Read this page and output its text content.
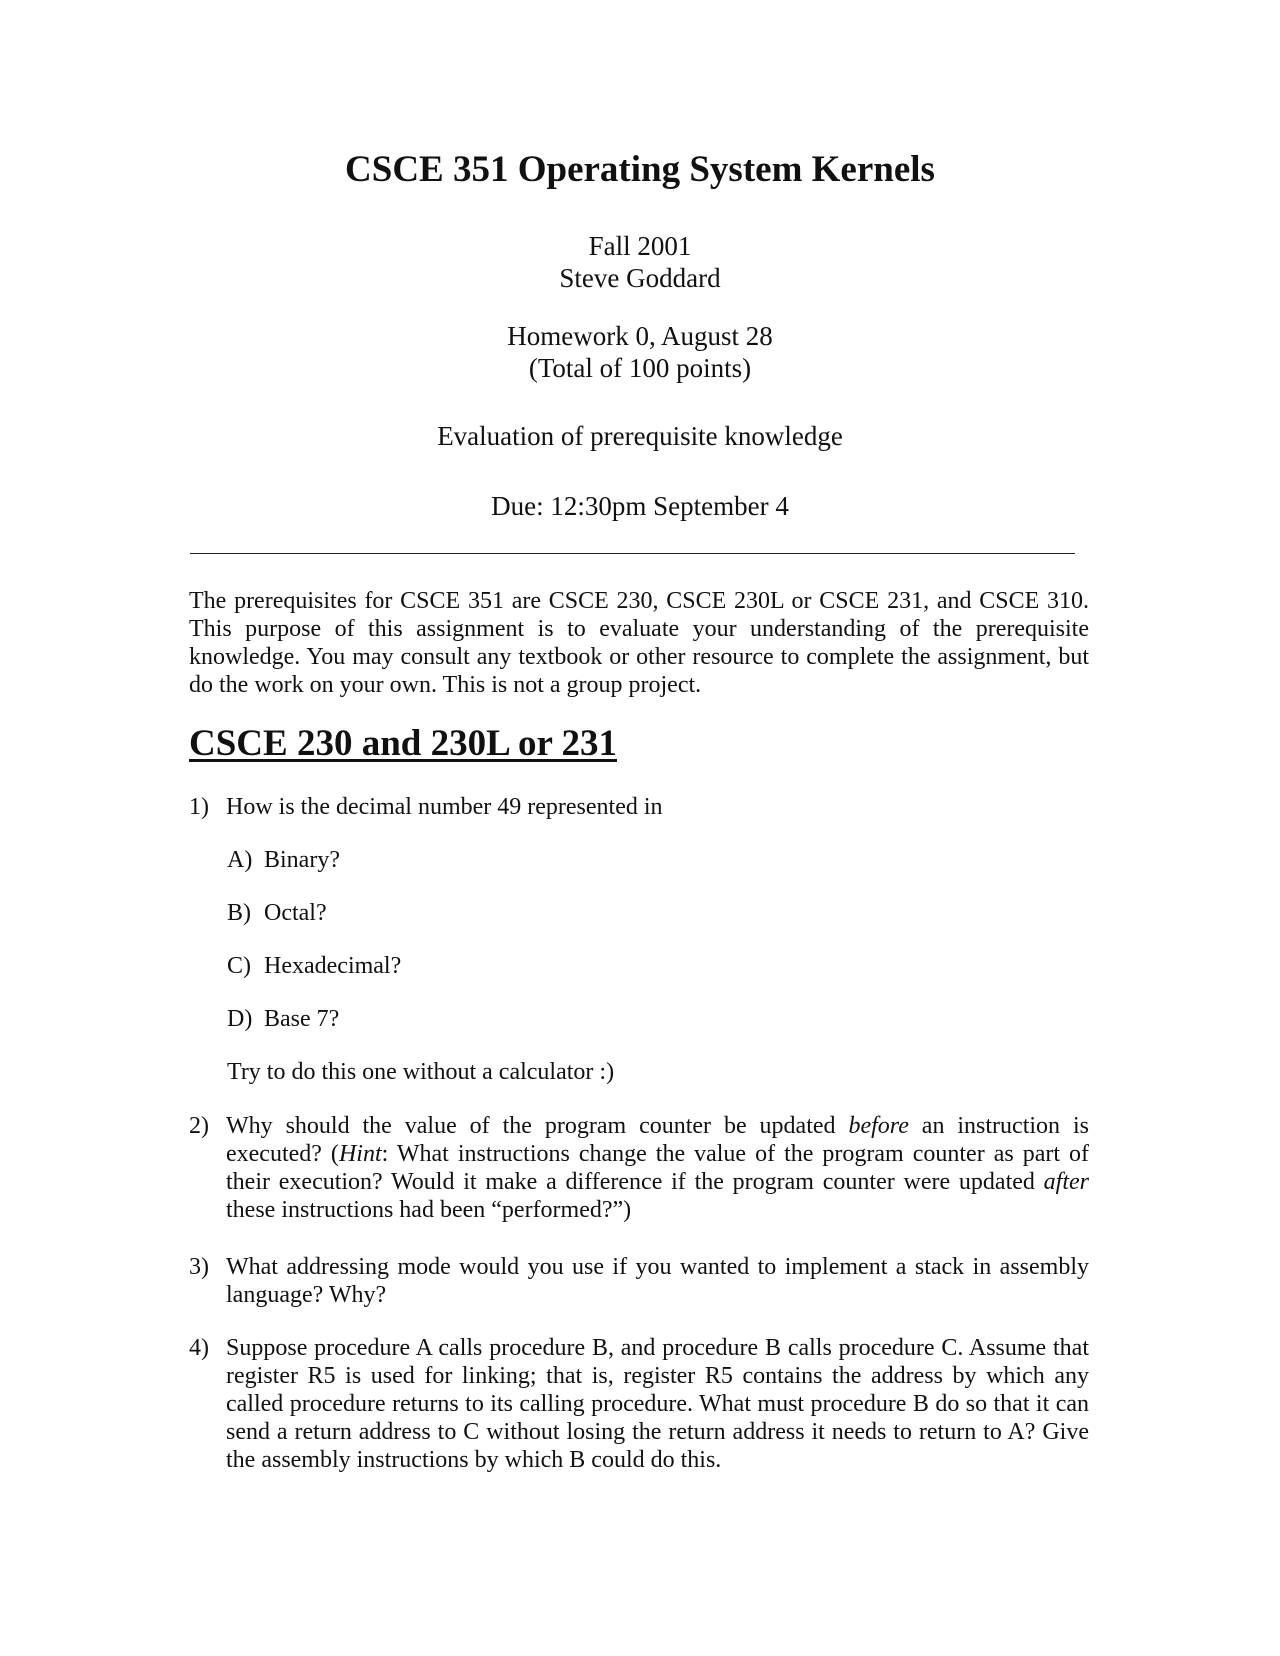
CSCE 351 Operating System Kernels
Fall 2001
Steve Goddard
Homework 0, August 28
(Total of 100 points)
Evaluation of prerequisite knowledge
Due: 12:30pm September 4

The prerequisites for CSCE 351 are CSCE 230, CSCE 230L or CSCE 231, and CSCE 310. This purpose of this assignment is to evaluate your understanding of the prerequisite knowledge. You may consult any textbook or other resource to complete the assignment, but do the work on your own. This is not a group project.

CSCE 230 and 230L or 231
1) How is the decimal number 49 represented in
A) Binary?
B) Octal?
C) Hexadecimal?
D) Base 7?
Try to do this one without a calculator :)
2) Why should the value of the program counter be updated before an instruction is executed? (Hint: What instructions change the value of the program counter as part of their execution? Would it make a difference if the program counter were updated after these instructions had been “performed?”)
3) What addressing mode would you use if you wanted to implement a stack in assembly language? Why?
4) Suppose procedure A calls procedure B, and procedure B calls procedure C. Assume that register R5 is used for linking; that is, register R5 contains the address by which any called procedure returns to its calling procedure. What must procedure B do so that it can send a return address to C without losing the return address it needs to return to A? Give the assembly instructions by which B could do this.
